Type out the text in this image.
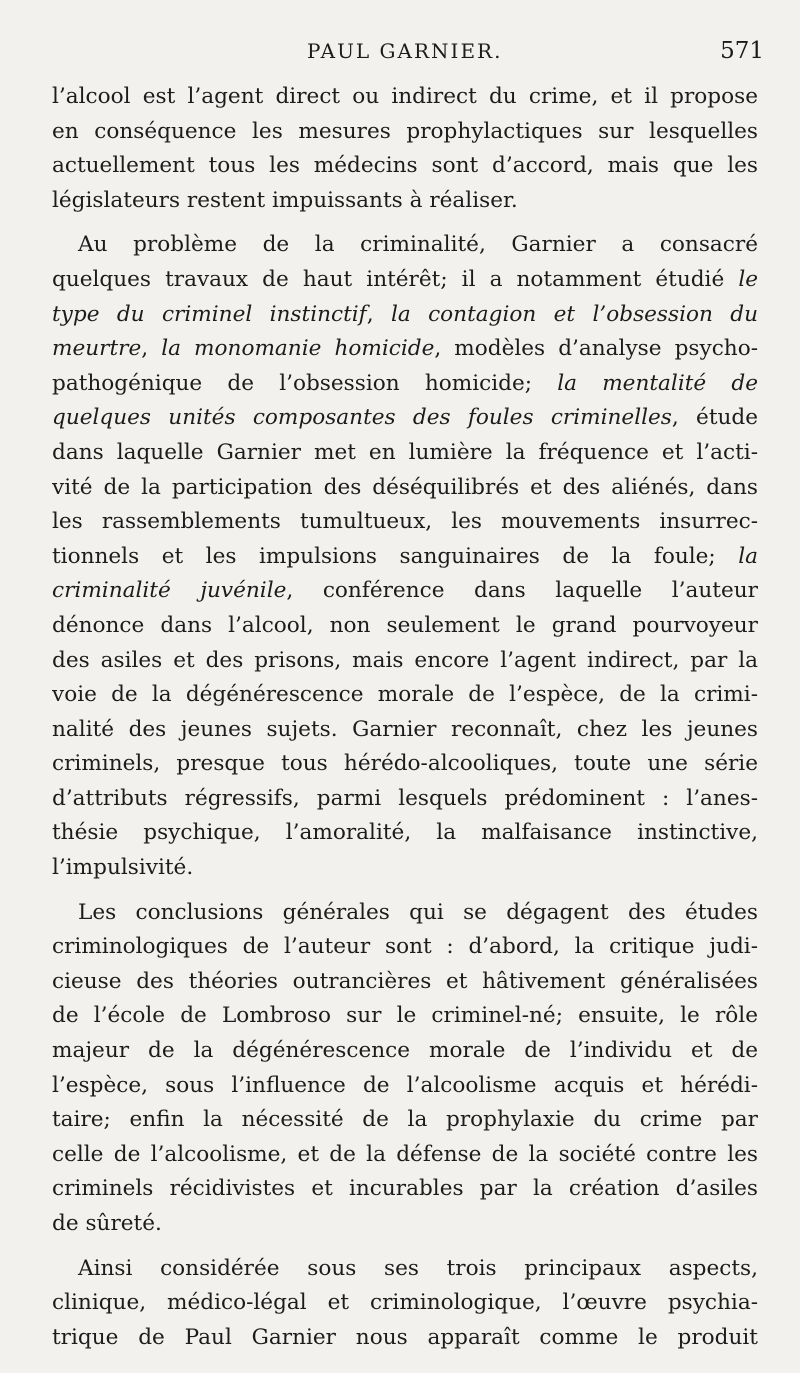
PAUL GARNIER.	571
l’alcool est l’agent direct ou indirect du crime, et il propose
en conséquence les mesures prophylactiques sur lesquelles
actuellement tous les médecins sont d’accord, mais que les
législateurs restent impuissants à réaliser.
Au problème de la criminalité, Garnier a consacré
quelques travaux de haut intérêt; il a notamment étudié le
type du criminel instinctif, la contagion et l’obsession du
meurtre, la monomanie homicide, modèles d’analyse psycho-
pathogénique de l’obsession homicide; la mentalité de
quelques unités composantes des foules criminelles, étude
dans laquelle Garnier met en lumière la fréquence et l’acti-
vité de la participation des déséquilibrés et des aliénés, dans
les rassemblements tumultueux, les mouvements insurrec-
tionnels et les impulsions sanguinaires de la foule; la
criminalité juvénile, conférence dans laquelle l’auteur
dénonce dans l’alcool, non seulement le grand pourvoyeur
des asiles et des prisons, mais encore l’agent indirect, par la
voie de la dégénérescence morale de l’espèce, de la crimi-
nalité des jeunes sujets. Garnier reconnaît, chez les jeunes
criminels, presque tous hérédo-alcooliques, toute une série
d’attributs régressifs, parmi lesquels prédominent : l’anes-
thésie psychique, l’amoralité, la malfaisance instinctive,
l’impulsivité.
Les conclusions générales qui se dégagent des études
criminologiques de l’auteur sont : d’abord, la critique judi-
cieuse des théories outrancières et hâtivement généralisées
de l’école de Lombroso sur le criminel-né; ensuite, le rôle
majeur de la dégénérescence morale de l’individu et de
l’espèce, sous l’influence de l’alcoolisme acquis et hérédi-
taire; enfin la nécessité de la prophylaxie du crime par
celle de l’alcoolisme, et de la défense de la société contre les
criminels récidivistes et incurables par la création d’asiles
de sûreté.
Ainsi considérée sous ses trois principaux aspects,
clinique, médico-légal et criminologique, l’œuvre psychia-
trique de Paul Garnier nous apparaît comme le produit
